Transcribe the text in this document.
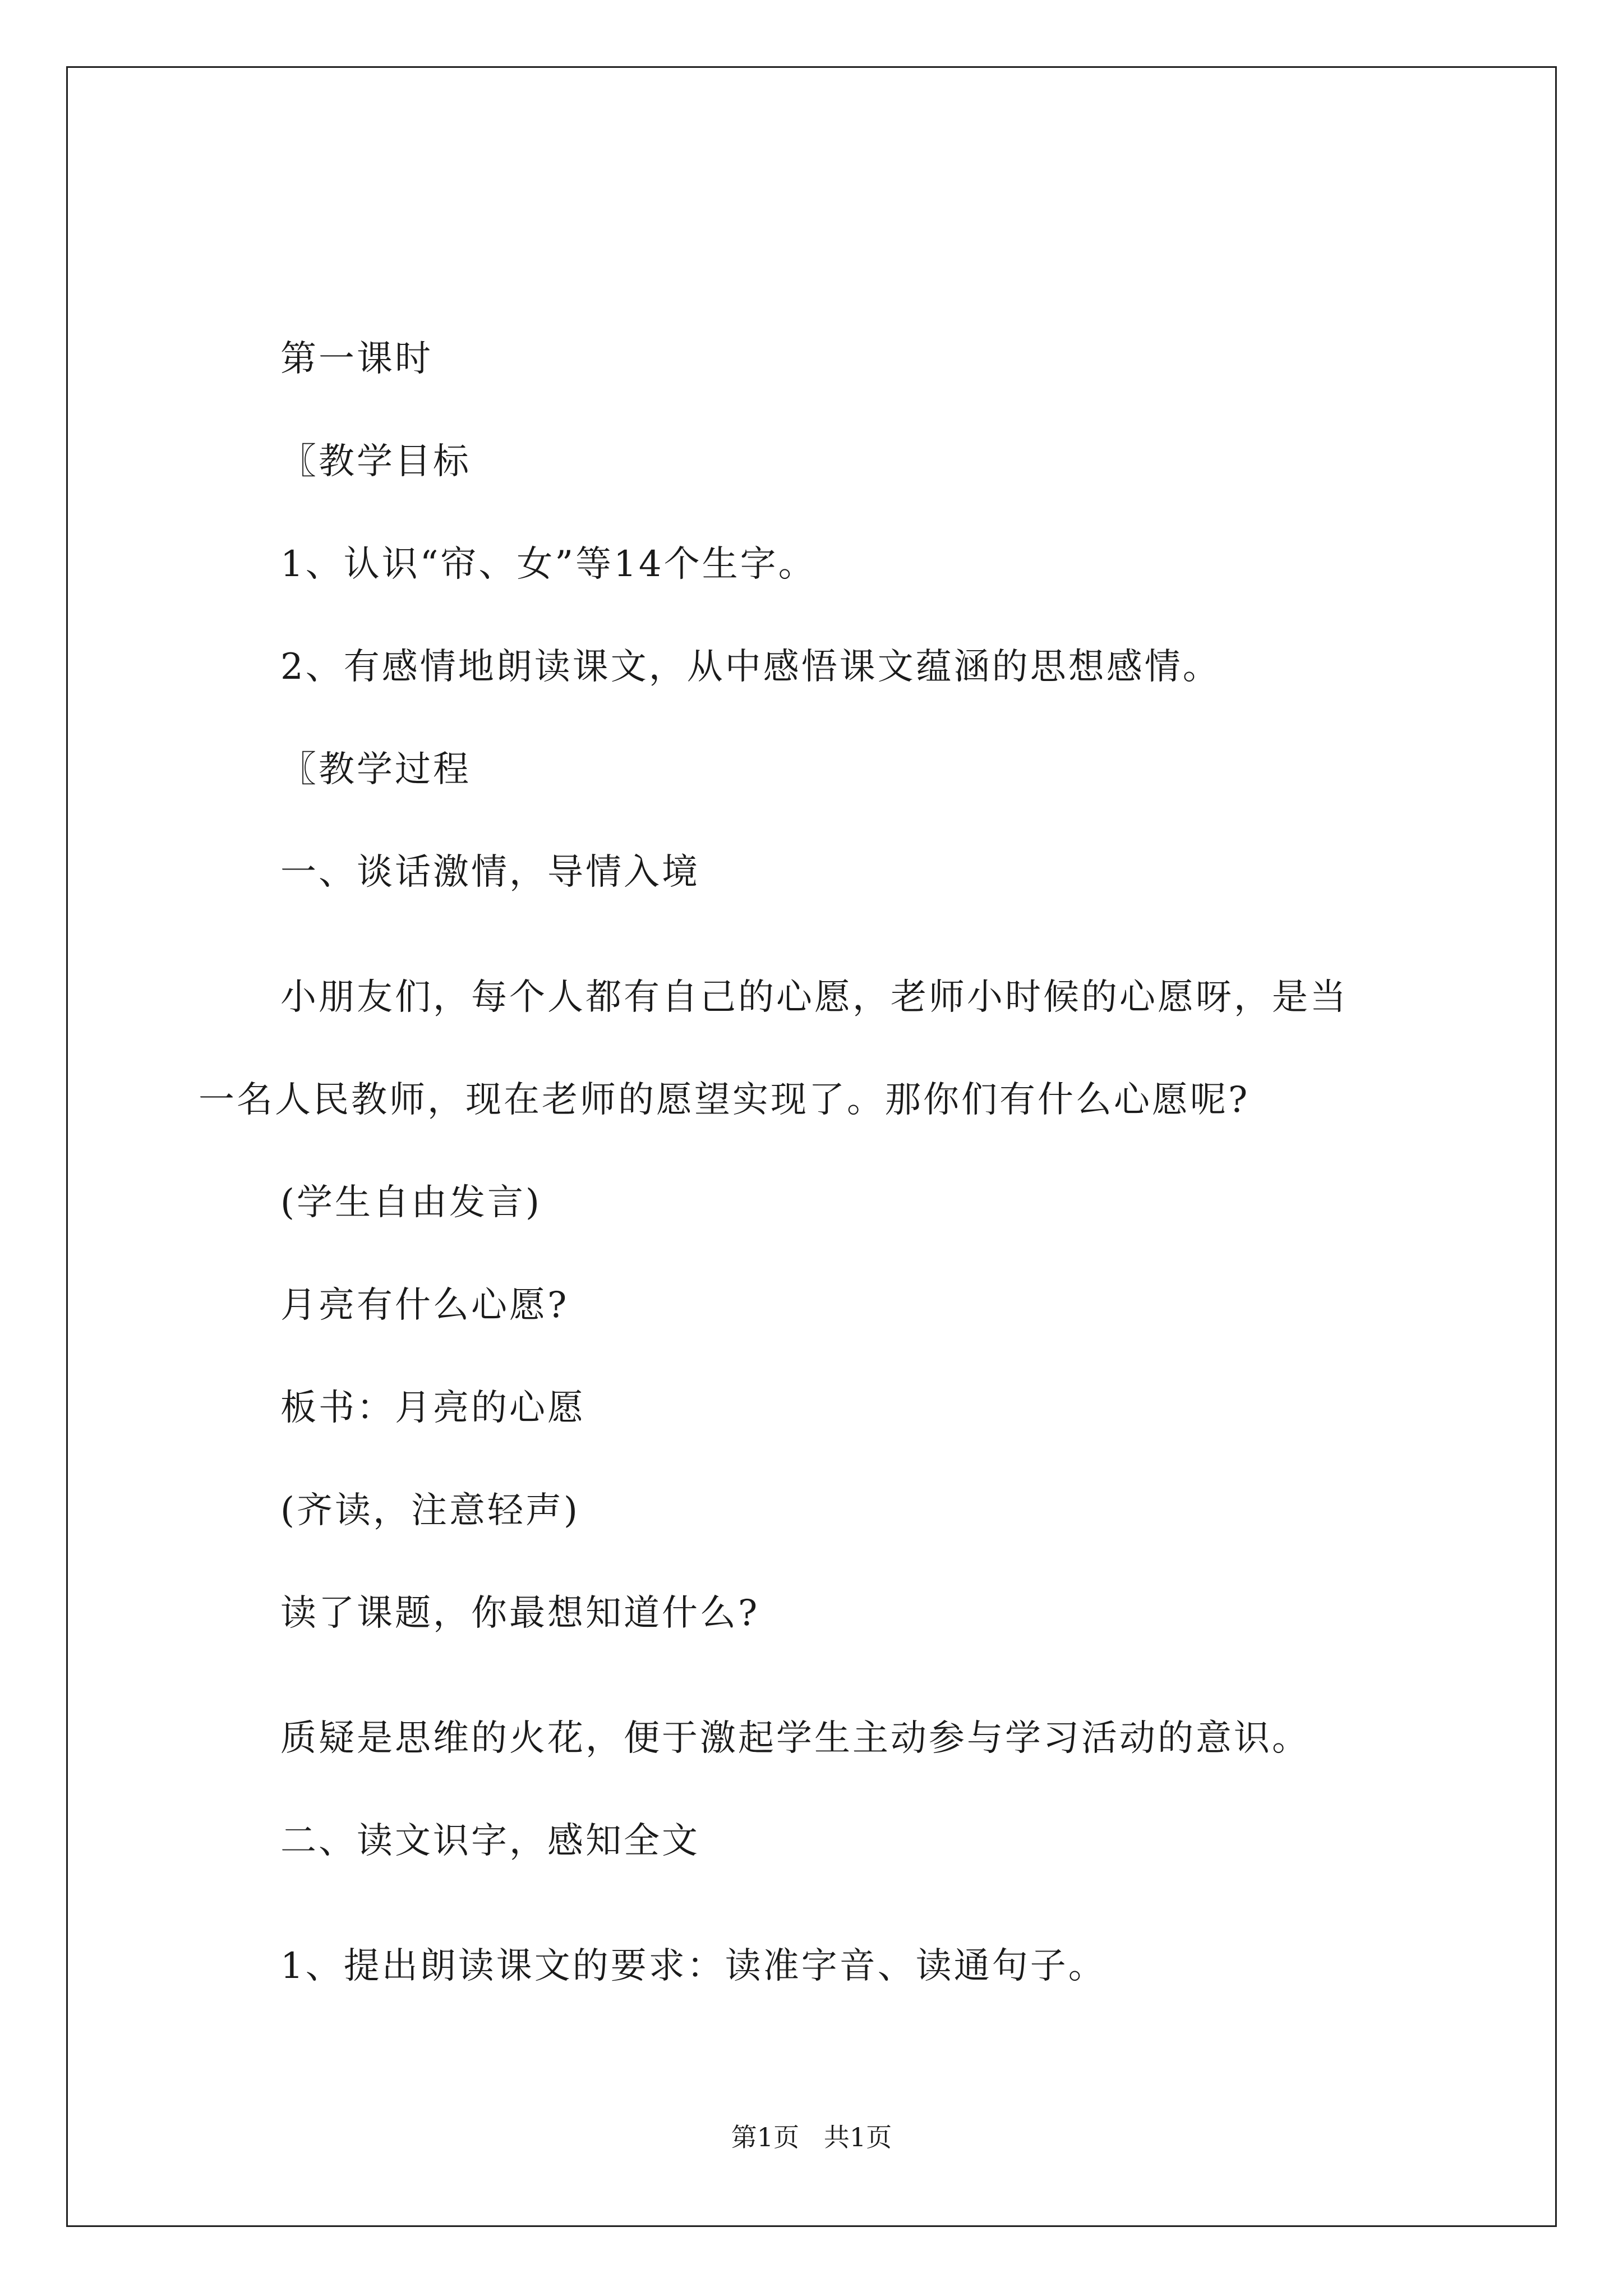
第一课时
〖教学目标
1、认识“帘、女”等14个生字。
2、有感情地朗读课文，从中感悟课文蕴涵的思想感情。
〖教学过程
一、谈话激情，导情入境
小朋友们，每个人都有自己的心愿，老师小时候的心愿呀，是当
一名人民教师，现在老师的愿望实现了。那你们有什么心愿呢?
(学生自由发言)
月亮有什么心愿?
板书：月亮的心愿
(齐读，注意轻声)
读了课题，你最想知道什么?
质疑是思维的火花，便于激起学生主动参与学习活动的意识。
二、读文识字，感知全文
1、提出朗读课文的要求：读准字音、读通句子。
第1页   共1页
